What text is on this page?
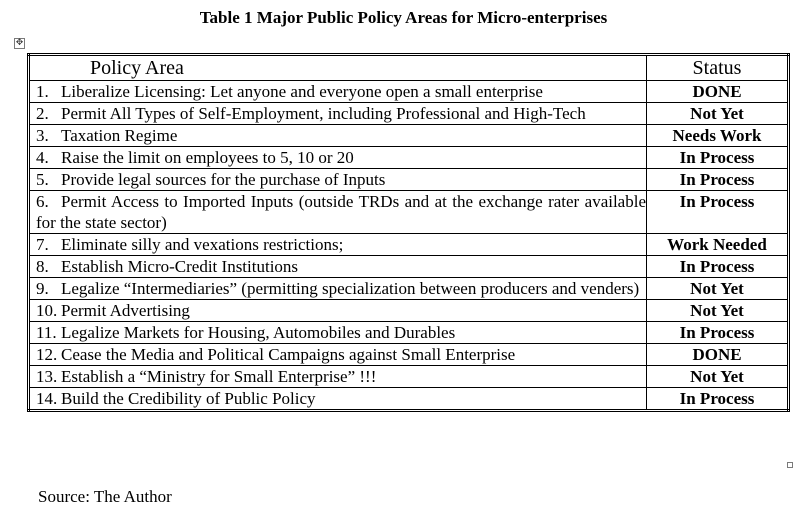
Table 1 Major Public Policy Areas for Micro-enterprises
✥
Policy Area	Status
1. Liberalize Licensing: Let anyone and everyone open a small enterprise	DONE
2. Permit All Types of Self-Employment, including Professional and High-Tech	Not Yet
3. Taxation Regime	Needs Work
4. Raise the limit on employees to 5, 10 or 20	In Process
5. Provide legal sources for the purchase of Inputs	In Process
6. Permit Access to Imported Inputs (outside TRDs and at the exchange rater available for the state sector)	In Process
7. Eliminate silly and vexations restrictions;	Work Needed
8. Establish Micro-Credit Institutions	In Process
9. Legalize “Intermediaries” (permitting specialization between producers and venders)	Not Yet
10. Permit Advertising	Not Yet
11. Legalize Markets for Housing, Automobiles and Durables	In Process
12. Cease the Media and Political Campaigns against Small Enterprise	DONE
13. Establish a “Ministry for Small Enterprise” !!!	Not Yet
14. Build the Credibility of Public Policy	In Process
Source: The Author
